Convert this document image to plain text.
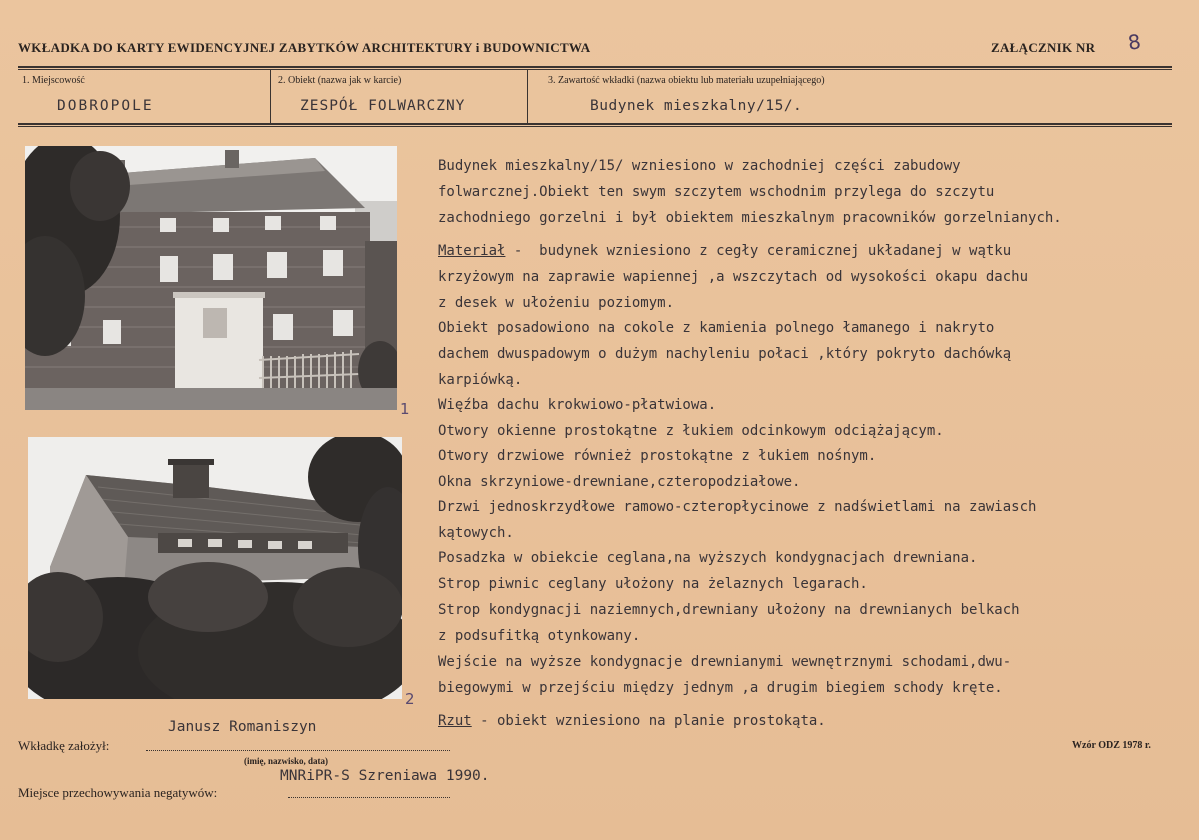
WKŁADKA DO KARTY EWIDENCYJNEJ ZABYTKÓW ARCHITEKTURY i BUDOWNICTWA	ZAŁĄCZNIK NR 8
1. Miejscowość
DOBROPOLE
2. Obiekt (nazwa jak w karcie)
ZESPÓŁ FOLWARCZNY
3. Zawartość wkładki (nazwa obiektu lub materiału uzupełniającego)
Budynek mieszkalny/15/.
1
2
Budynek mieszkalny/15/ wzniesiono w zachodniej części zabudowy
folwarcznej.Obiekt ten swym szczytem wschodnim przylega do szczytu
zachodniego gorzelni i był obiektem mieszkalnym pracowników gorzelnianych.
Materiał -  budynek wzniesiono z cegły ceramicznej układanej w wątku
krzyżowym na zaprawie wapiennej ,a wszczytach od wysokości okapu dachu
z desek w ułożeniu poziomym.
Obiekt posadowiono na cokole z kamienia polnego łamanego i nakryto
dachem dwuspadowym o dużym nachyleniu połaci ,który pokryto dachówką
karpiówką.
Więźba dachu krokwiowo-płatwiowa.
Otwory okienne prostokątne z łukiem odcinkowym odciążającym.
Otwory drzwiowe również prostokątne z łukiem nośnym.
Okna skrzyniowe-drewniane,czteropodziałowe.
Drzwi jednoskrzydłowe ramowo-czteropłycinowe z nadświetlami na zawiasch
kątowych.
Posadzka w obiekcie ceglana,na wyższych kondygnacjach drewniana.
Strop piwnic ceglany ułożony na żelaznych legarach.
Strop kondygnacji naziemnych,drewniany ułożony na drewnianych belkach
z podsufitką otynkowany.
Wejście na wyższe kondygnacje drewnianymi wewnętrznymi schodami,dwu-
biegowymi w przejściu między jednym ,a drugim biegiem schody kręte.
Rzut - obiekt wzniesiono na planie prostokąta.
Janusz Romaniszyn
Wkładkę założył:
(imię, nazwisko, data)
MNRiPR-S Szreniawa 1990.
Miejsce przechowywania negatywów:
Wzór ODZ 1978 r.
